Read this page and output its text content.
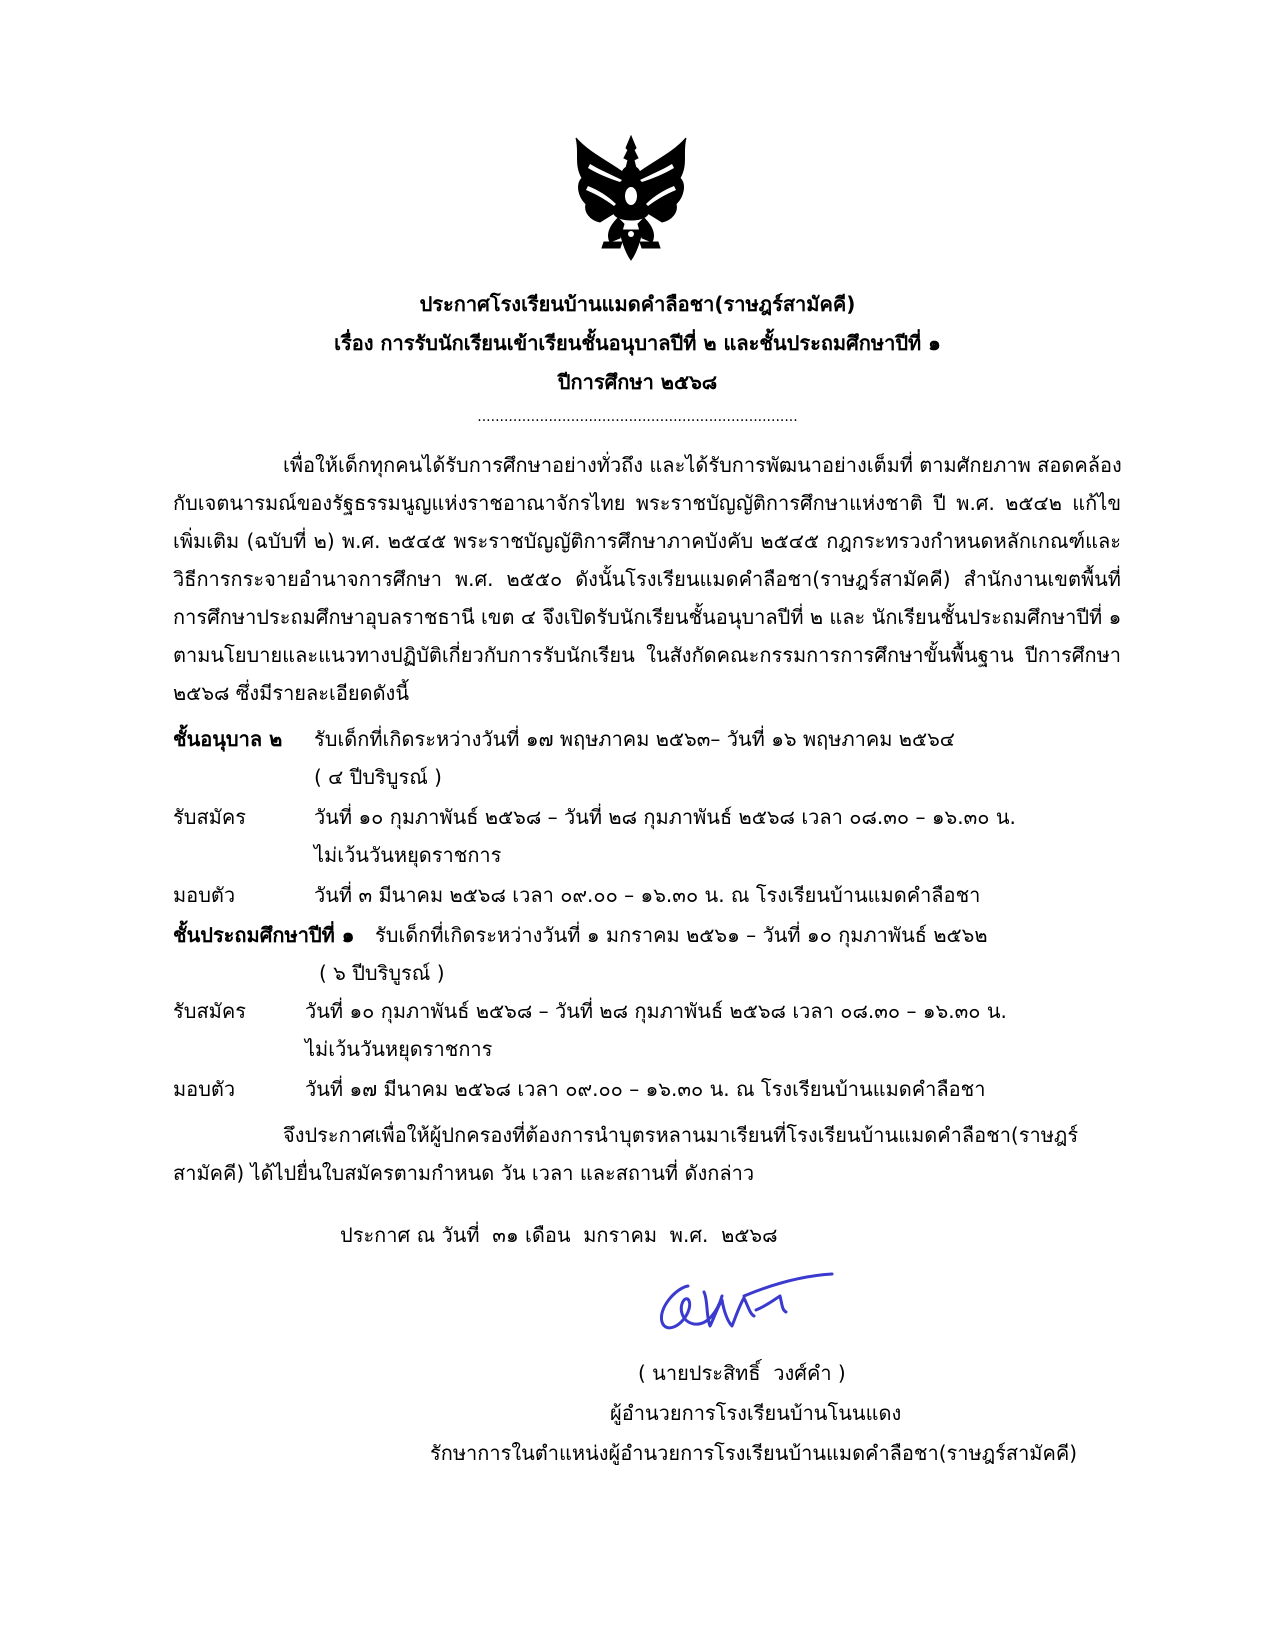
ประกาศโรงเรียนบ้านแมดคำลือชา(ราษฎร์สามัคคี)
เรื่อง การรับนักเรียนเข้าเรียนชั้นอนุบาลปีที่ ๒ และชั้นประถมศึกษาปีที่ ๑
ปีการศึกษา ๒๕๖๘
........................................................................
เพื่อให้เด็กทุกคนได้รับการศึกษาอย่างทั่วถึง และได้รับการพัฒนาอย่างเต็มที่ ตามศักยภาพ สอดคล้อง
กับเจตนารมณ์ของรัฐธรรมนูญแห่งราชอาณาจักรไทย พระราชบัญญัติการศึกษาแห่งชาติ ปี พ.ศ. ๒๕๔๒ แก้ไข
เพิ่มเติม (ฉบับที่ ๒) พ.ศ. ๒๕๔๕ พระราชบัญญัติการศึกษาภาคบังคับ ๒๕๔๕ กฎกระทรวงกำหนดหลักเกณฑ์และ
วิธีการกระจายอำนาจการศึกษา พ.ศ. ๒๕๕๐ ดังนั้นโรงเรียนแมดคำลือชา(ราษฎร์สามัคคี) สำนักงานเขตพื้นที่
การศึกษาประถมศึกษาอุบลราชธานี เขต ๔ จึงเปิดรับนักเรียนชั้นอนุบาลปีที่ ๒ และ นักเรียนชั้นประถมศึกษาปีที่ ๑
ตามนโยบายและแนวทางปฏิบัติเกี่ยวกับการรับนักเรียน ในสังกัดคณะกรรมการการศึกษาขั้นพื้นฐาน ปีการศึกษา
๒๕๖๘ ซึ่งมีรายละเอียดดังนี้
ชั้นอนุบาล ๒ รับเด็กที่เกิดระหว่างวันที่ ๑๗ พฤษภาคม ๒๕๖๓– วันที่ ๑๖ พฤษภาคม ๒๕๖๔
( ๔ ปีบริบูรณ์ )
รับสมัคร	วันที่ ๑๐ กุมภาพันธ์ ๒๕๖๘ – วันที่ ๒๘ กุมภาพันธ์ ๒๕๖๘ เวลา ๐๘.๓๐ – ๑๖.๓๐ น.
ไม่เว้นวันหยุดราชการ
มอบตัว	วันที่ ๓ มีนาคม ๒๕๖๘ เวลา ๐๙.๐๐ – ๑๖.๓๐ น. ณ โรงเรียนบ้านแมดคำลือชา
ชั้นประถมศึกษาปีที่ ๑ รับเด็กที่เกิดระหว่างวันที่ ๑ มกราคม ๒๕๖๑ – วันที่ ๑๐ กุมภาพันธ์ ๒๕๖๒
( ๖ ปีบริบูรณ์ )
รับสมัคร	วันที่ ๑๐ กุมภาพันธ์ ๒๕๖๘ – วันที่ ๒๘ กุมภาพันธ์ ๒๕๖๘ เวลา ๐๘.๓๐ – ๑๖.๓๐ น.
ไม่เว้นวันหยุดราชการ
มอบตัว	วันที่ ๑๗ มีนาคม ๒๕๖๘ เวลา ๐๙.๐๐ – ๑๖.๓๐ น. ณ โรงเรียนบ้านแมดคำลือชา
จึงประกาศเพื่อให้ผู้ปกครองที่ต้องการนำบุตรหลานมาเรียนที่โรงเรียนบ้านแมดคำลือชา(ราษฎร์
สามัคคี) ได้ไปยื่นใบสมัครตามกำหนด วัน เวลา และสถานที่ ดังกล่าว
ประกาศ ณ วันที่  ๓๑ เดือน  มกราคม  พ.ศ.  ๒๕๖๘
( นายประสิทธิ์  วงศ์คำ )
ผู้อำนวยการโรงเรียนบ้านโนนแดง
รักษาการในตำแหน่งผู้อำนวยการโรงเรียนบ้านแมดคำลือชา(ราษฎร์สามัคคี)
